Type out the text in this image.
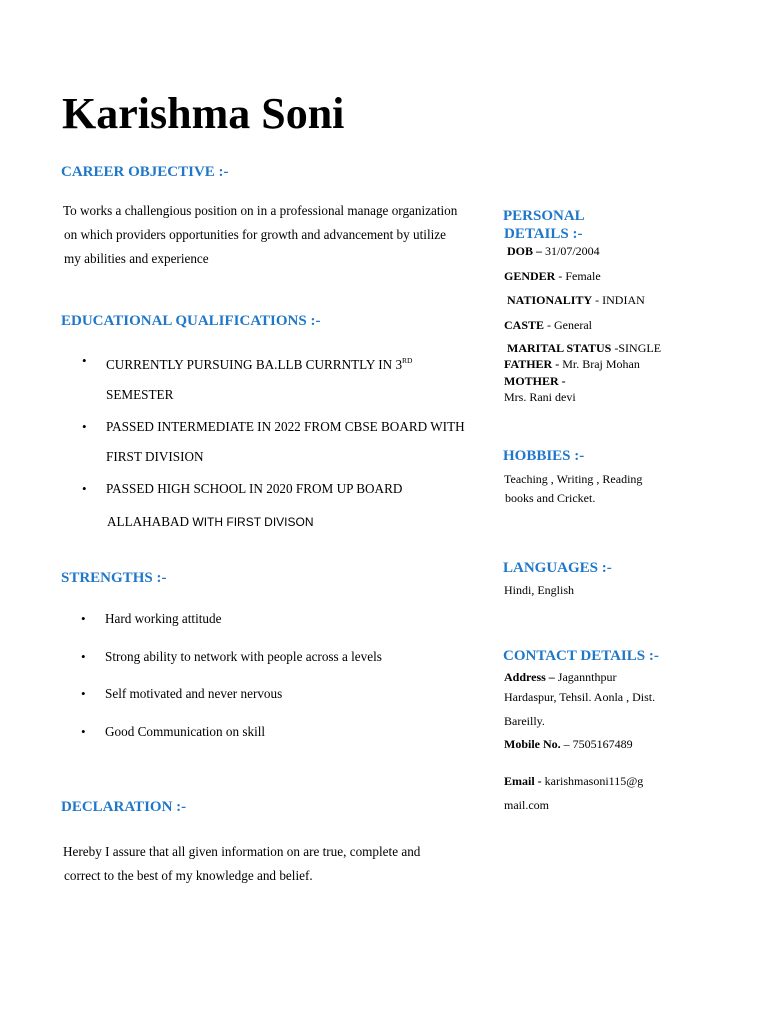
Karishma Soni
CAREER OBJECTIVE :-
To works a challengious position on in a professional manage organization
on which providers opportunities for growth and advancement by utilize
my abilities and experience
EDUCATIONAL QUALIFICATIONS :-
• CURRENTLY PURSUING BA.LLB CURRNTLY IN 3RD
SEMESTER
• PASSED INTERMEDIATE IN 2022 FROM CBSE BOARD WITH
FIRST DIVISION
• PASSED HIGH SCHOOL IN 2020 FROM UP BOARD
ALLAHABAD WITH FIRST DIVISON
STRENGTHS :-
• Hard working attitude
• Strong ability to network with people across a levels
• Self motivated and never nervous
• Good Communication on skill
DECLARATION :-
Hereby I assure that all given information on are true, complete and
correct to the best of my knowledge and belief.
PERSONAL
DETAILS :-
DOB – 31/07/2004
GENDER - Female
NATIONALITY - INDIAN
CASTE - General
MARITAL STATUS -SINGLE
FATHER - Mr. Braj Mohan
MOTHER -
Mrs. Rani devi
HOBBIES :-
Teaching , Writing , Reading
books and Cricket.
LANGUAGES :-
Hindi, English
CONTACT DETAILS :-
Address – Jagannthpur
Hardaspur, Tehsil. Aonla , Dist.
Bareilly.
Mobile No. – 7505167489
Email - karishmasoni115@g
mail.com
